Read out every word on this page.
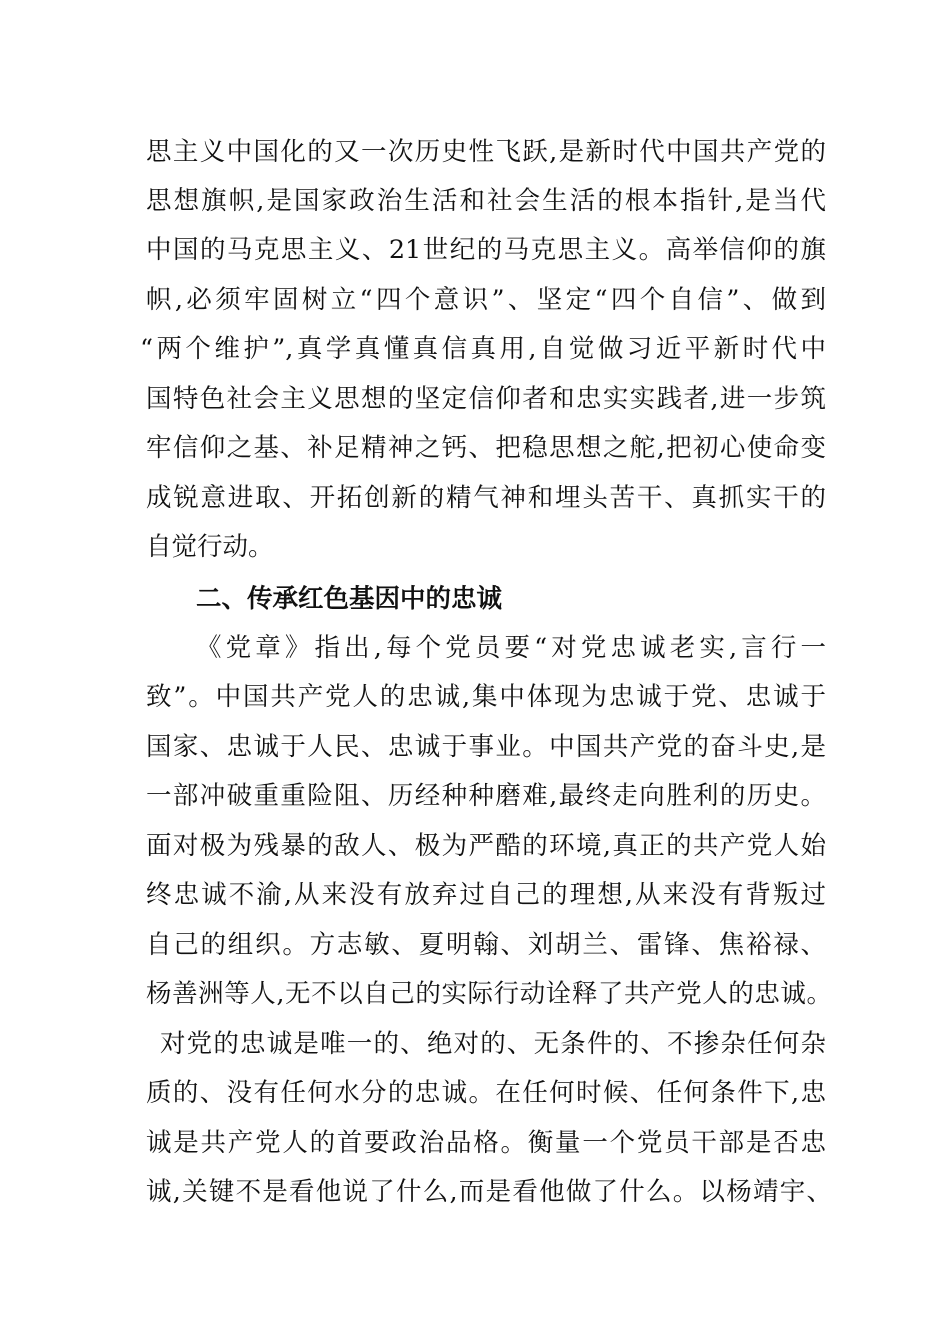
思主义中国化的又一次历史性飞跃,是新时代中国共产党的
思想旗帜,是国家政治生活和社会生活的根本指针,是当代
中国的马克思主义、21世纪的马克思主义。高举信仰的旗
帜,必须牢固树立“四个意识”、坚定“四个自信”、做到
“两个维护”,真学真懂真信真用,自觉做习近平新时代中
国特色社会主义思想的坚定信仰者和忠实实践者,进一步筑
牢信仰之基、补足精神之钙、把稳思想之舵,把初心使命变
成锐意进取、开拓创新的精气神和埋头苦干、真抓实干的
自觉行动。
二、传承红色基因中的忠诚
《党章》指出,每个党员要“对党忠诚老实,言行一
致”。中国共产党人的忠诚,集中体现为忠诚于党、忠诚于
国家、忠诚于人民、忠诚于事业。中国共产党的奋斗史,是
一部冲破重重险阻、历经种种磨难,最终走向胜利的历史。
面对极为残暴的敌人、极为严酷的环境,真正的共产党人始
终忠诚不渝,从来没有放弃过自己的理想,从来没有背叛过
自己的组织。方志敏、夏明翰、刘胡兰、雷锋、焦裕禄、
杨善洲等人,无不以自己的实际行动诠释了共产党人的忠诚。
对党的忠诚是唯一的、绝对的、无条件的、不掺杂任何杂
质的、没有任何水分的忠诚。在任何时候、任何条件下,忠
诚是共产党人的首要政治品格。衡量一个党员干部是否忠
诚,关键不是看他说了什么,而是看他做了什么。以杨靖宇、
